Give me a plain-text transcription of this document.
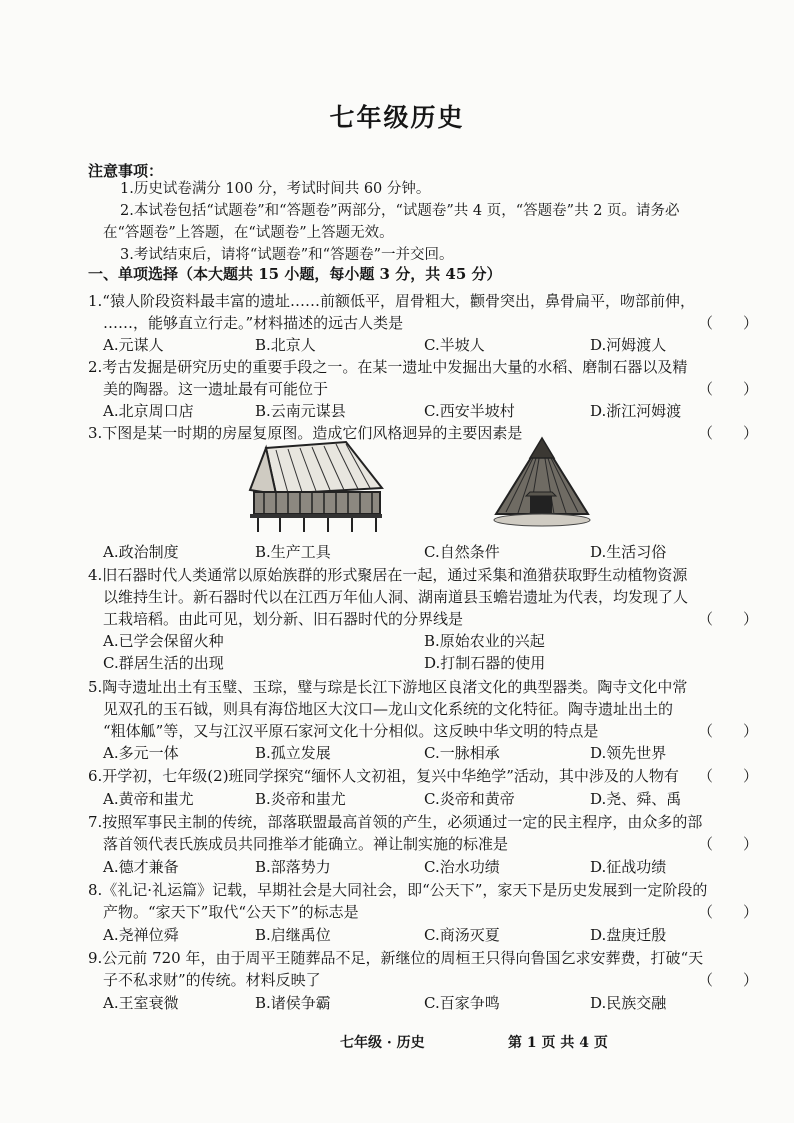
七年级历史
注意事项：
1.历史试卷满分 100 分，考试时间共 60 分钟。
2.本试卷包括“试题卷”和“答题卷”两部分，“试题卷”共 4 页，“答题卷”共 2 页。请务必
在“答题卷”上答题，在“试题卷”上答题无效。
3.考试结束后，请将“试题卷”和“答题卷”一并交回。
一、单项选择（本大题共 15 小题，每小题 3 分，共 45 分）
1.“猿人阶段资料最丰富的遗址……前额低平，眉骨粗大，颧骨突出，鼻骨扁平，吻部前伸，
……，能够直立行走。”材料描述的远古人类是	（　　）
A.元谋人	B.北京人	C.半坡人	D.河姆渡人
2.考古发掘是研究历史的重要手段之一。在某一遗址中发掘出大量的水稻、磨制石器以及精
美的陶器。这一遗址最有可能位于	（　　）
A.北京周口店	B.云南元谋县	C.西安半坡村	D.浙江河姆渡
3.下图是某一时期的房屋复原图。造成它们风格迥异的主要因素是	（　　）
A.政治制度	B.生产工具	C.自然条件	D.生活习俗
4.旧石器时代人类通常以原始族群的形式聚居在一起，通过采集和渔猎获取野生动植物资源
以维持生计。新石器时代以在江西万年仙人洞、湖南道县玉蟾岩遗址为代表，均发现了人
工栽培稻。由此可见，划分新、旧石器时代的分界线是	（　　）
A.已学会保留火种	B.原始农业的兴起
C.群居生活的出现	D.打制石器的使用
5.陶寺遗址出土有玉璧、玉琮，璧与琮是长江下游地区良渚文化的典型器类。陶寺文化中常
见双孔的玉石钺，则具有海岱地区大汶口—龙山文化系统的文化特征。陶寺遗址出土的
“粗体觚”等，又与江汉平原石家河文化十分相似。这反映中华文明的特点是	（　　）
A.多元一体	B.孤立发展	C.一脉相承	D.领先世界
6.开学初，七年级(2)班同学探究“缅怀人文初祖，复兴中华绝学”活动，其中涉及的人物有 （　　）
A.黄帝和蚩尤	B.炎帝和蚩尤	C.炎帝和黄帝	D.尧、舜、禹
7.按照军事民主制的传统，部落联盟最高首领的产生，必须通过一定的民主程序，由众多的部
落首领代表氏族成员共同推举才能确立。禅让制实施的标准是	（　　）
A.德才兼备	B.部落势力	C.治水功绩	D.征战功绩
8.《礼记·礼运篇》记载，早期社会是大同社会，即“公天下”，家天下是历史发展到一定阶段的
产物。“家天下”取代“公天下”的标志是	（　　）
A.尧禅位舜	B.启继禹位	C.商汤灭夏	D.盘庚迁殷
9.公元前 720 年，由于周平王随葬品不足，新继位的周桓王只得向鲁国乞求安葬费，打破“天
子不私求财”的传统。材料反映了	（　　）
A.王室衰微	B.诸侯争霸	C.百家争鸣	D.民族交融
七年级 · 历史	第 1 页 共 4 页
